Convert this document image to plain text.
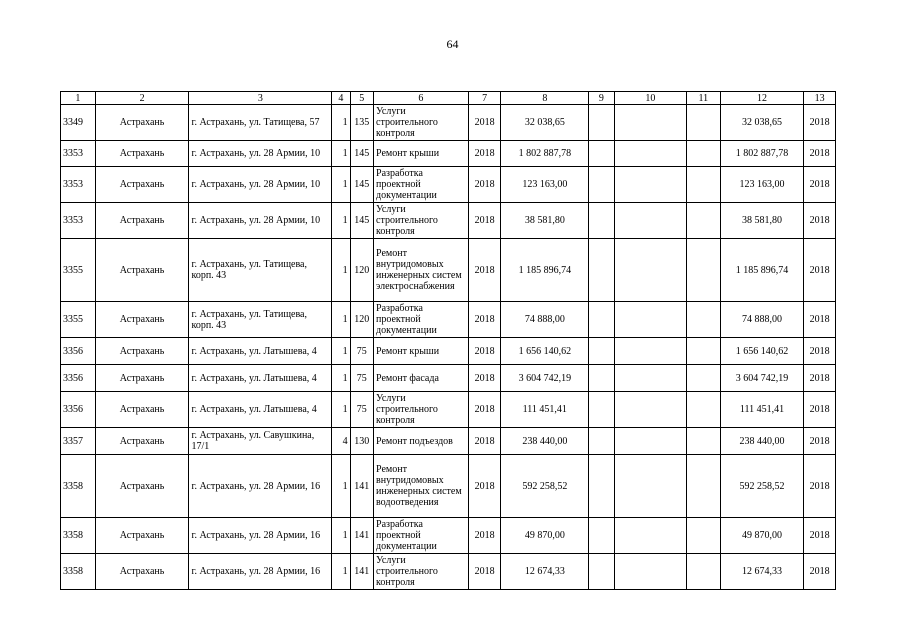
64
1	2	3	4	5	6	7	8	9	10	11	12	13
3349	Астрахань	г. Астрахань, ул. Татищева, 57	1	135	Услуги строительного контроля	2018	32 038,65				32 038,65	2018
3353	Астрахань	г. Астрахань, ул. 28 Армии, 10	1	145	Ремонт крыши	2018	1 802 887,78				1 802 887,78	2018
3353	Астрахань	г. Астрахань, ул. 28 Армии, 10	1	145	Разработка проектной документации	2018	123 163,00				123 163,00	2018
3353	Астрахань	г. Астрахань, ул. 28 Армии, 10	1	145	Услуги строительного контроля	2018	38 581,80				38 581,80	2018
3355	Астрахань	г. Астрахань, ул. Татищева, корп. 43	1	120	Ремонт внутридомовых инженерных систем электроснабжения	2018	1 185 896,74				1 185 896,74	2018
3355	Астрахань	г. Астрахань, ул. Татищева, корп. 43	1	120	Разработка проектной документации	2018	74 888,00				74 888,00	2018
3356	Астрахань	г. Астрахань, ул. Латышева, 4	1	75	Ремонт крыши	2018	1 656 140,62				1 656 140,62	2018
3356	Астрахань	г. Астрахань, ул. Латышева, 4	1	75	Ремонт фасада	2018	3 604 742,19				3 604 742,19	2018
3356	Астрахань	г. Астрахань, ул. Латышева, 4	1	75	Услуги строительного контроля	2018	111 451,41				111 451,41	2018
3357	Астрахань	г. Астрахань, ул. Савушкина, 17/1	4	130	Ремонт подъездов	2018	238 440,00				238 440,00	2018
3358	Астрахань	г. Астрахань, ул. 28 Армии, 16	1	141	Ремонт внутридомовых инженерных систем водоотведения	2018	592 258,52				592 258,52	2018
3358	Астрахань	г. Астрахань, ул. 28 Армии, 16	1	141	Разработка проектной документации	2018	49 870,00				49 870,00	2018
3358	Астрахань	г. Астрахань, ул. 28 Армии, 16	1	141	Услуги строительного контроля	2018	12 674,33				12 674,33	2018
